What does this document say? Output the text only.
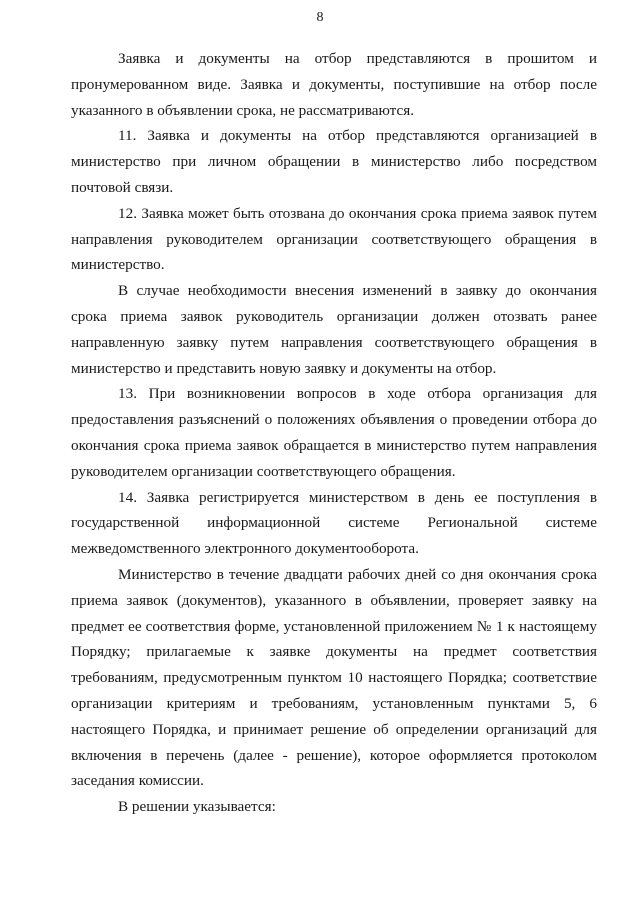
8

Заявка и документы на отбор представляются в прошитом и пронумерованном виде. Заявка и документы, поступившие на отбор после указанного в объявлении срока, не рассматриваются.

11. Заявка и документы на отбор представляются организацией в министерство при личном обращении в министерство либо посредством почтовой связи.

12. Заявка может быть отозвана до окончания срока приема заявок путем направления руководителем организации соответствующего обращения в министерство.

В случае необходимости внесения изменений в заявку до окончания срока приема заявок руководитель организации должен отозвать ранее направленную заявку путем направления соответствующего обращения в министерство и представить новую заявку и документы на отбор.

13. При возникновении вопросов в ходе отбора организация для предоставления разъяснений о положениях объявления о проведении отбора до окончания срока приема заявок обращается в министерство путем направления руководителем организации соответствующего обращения.

14. Заявка регистрируется министерством в день ее поступления в государственной информационной системе Региональной системе межведомственного электронного документооборота.

Министерство в течение двадцати рабочих дней со дня окончания срока приема заявок (документов), указанного в объявлении, проверяет заявку на предмет ее соответствия форме, установленной приложением № 1 к настоящему Порядку; прилагаемые к заявке документы на предмет соответствия требованиям, предусмотренным пунктом 10 настоящего Порядка; соответствие организации критериям и требованиям, установленным пунктами 5, 6 настоящего Порядка, и принимает решение об определении организаций для включения в перечень (далее - решение), которое оформляется протоколом заседания комиссии.

В решении указывается:
